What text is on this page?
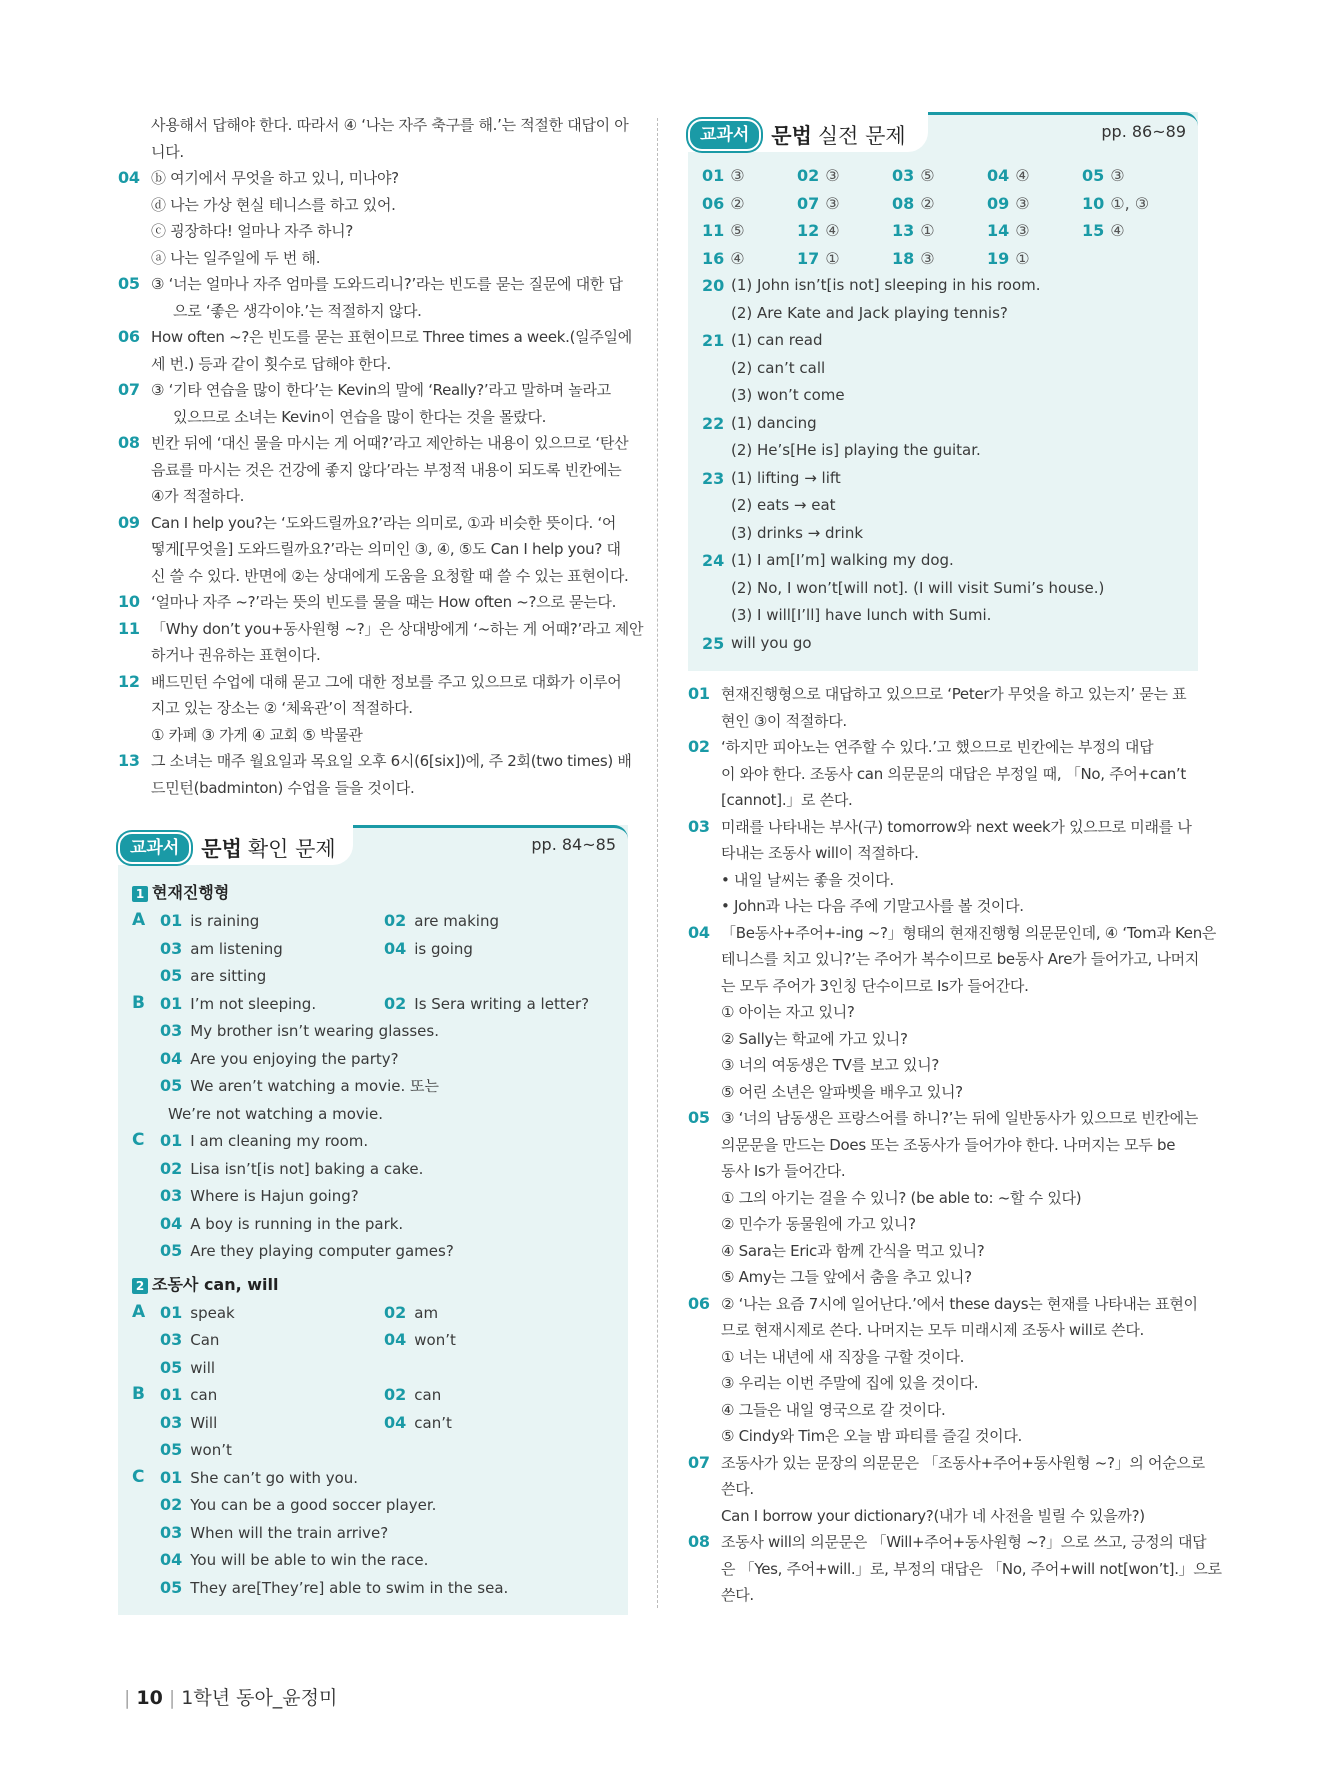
사용해서 답해야 한다. 따라서 ④ ‘나는 자주 축구를 해.’는 적절한 대답이 아
니다.
04 ⓑ 여기에서 무엇을 하고 있니, 미나야?
ⓓ 나는 가상 현실 테니스를 하고 있어.
ⓒ 굉장하다! 얼마나 자주 하니?
ⓐ 나는 일주일에 두 번 해.
05 ③ ‘너는 얼마나 자주 엄마를 도와드리니?’라는 빈도를 묻는 질문에 대한 답
으로 ‘좋은 생각이야.’는 적절하지 않다.
06 How often ~?은 빈도를 묻는 표현이므로 Three times a week.(일주일에
세 번.) 등과 같이 횟수로 답해야 한다.
07 ③ ‘기타 연습을 많이 한다’는 Kevin의 말에 ‘Really?’라고 말하며 놀라고
있으므로 소녀는 Kevin이 연습을 많이 한다는 것을 몰랐다.
08 빈칸 뒤에 ‘대신 물을 마시는 게 어때?’라고 제안하는 내용이 있으므로 ‘탄산
음료를 마시는 것은 건강에 좋지 않다’라는 부정적 내용이 되도록 빈칸에는
④가 적절하다.
09 Can I help you?는 ‘도와드릴까요?’라는 의미로, ①과 비슷한 뜻이다. ‘어
떻게[무엇을] 도와드릴까요?’라는 의미인 ③, ④, ⑤도 Can I help you? 대
신 쓸 수 있다. 반면에 ②는 상대에게 도움을 요청할 때 쓸 수 있는 표현이다.
10 ‘얼마나 자주 ~?’라는 뜻의 빈도를 물을 때는 How often ~?으로 묻는다.
11 「Why don’t you+동사원형 ~?」은 상대방에게 ‘~하는 게 어때?’라고 제안
하거나 권유하는 표현이다.
12 배드민턴 수업에 대해 묻고 그에 대한 정보를 주고 있으므로 대화가 이루어
지고 있는 장소는 ② ‘체육관’이 적절하다.
① 카페 ③ 가게 ④ 교회 ⑤ 박물관
13 그 소녀는 매주 월요일과 목요일 오후 6시(6[six])에, 주 2회(two times) 배
드민턴(badminton) 수업을 들을 것이다.
교과서	문법 확인 문제	pp. 84~85
1 현재진행형
A 01 is raining	02 are making
03 am listening	04 is going
05 are sitting
B 01 I’m not sleeping.	02 Is Sera writing a letter?
03 My brother isn’t wearing glasses.
04 Are you enjoying the party?
05 We aren’t watching a movie. 또는
We’re not watching a movie.
C 01 I am cleaning my room.
02 Lisa isn’t[is not] baking a cake.
03 Where is Hajun going?
04 A boy is running in the park.
05 Are they playing computer games?
2 조동사 can, will
A 01 speak	02 am
03 Can	04 won’t
05 will
B 01 can	02 can
03 Will	04 can’t
05 won’t
C 01 She can’t go with you.
02 You can be a good soccer player.
03 When will the train arrive?
04 You will be able to win the race.
05 They are[They’re] able to swim in the sea.
교과서	문법 실전 문제	pp. 86~89
01 ③	02 ③	03 ⑤	04 ④	05 ③
06 ②	07 ③	08 ②	09 ③	10 ①, ③
11 ⑤	12 ④	13 ①	14 ③	15 ④
16 ④	17 ①	18 ③	19 ①
20 (1) John isn’t[is not] sleeping in his room.
(2) Are Kate and Jack playing tennis?
21 (1) can read
(2) can’t call
(3) won’t come
22 (1) dancing
(2) He’s[He is] playing the guitar.
23 (1) lifting → lift
(2) eats → eat
(3) drinks → drink
24 (1) I am[I’m] walking my dog.
(2) No, I won’t[will not]. (I will visit Sumi’s house.)
(3) I will[I’ll] have lunch with Sumi.
25 will you go
01 현재진행형으로 대답하고 있으므로 ‘Peter가 무엇을 하고 있는지’ 묻는 표
현인 ③이 적절하다.
02 ‘하지만 피아노는 연주할 수 있다.’고 했으므로 빈칸에는 부정의 대답
이 와야 한다. 조동사 can 의문문의 대답은 부정일 때, 「No, 주어+can’t
[cannot].」로 쓴다.
03 미래를 나타내는 부사(구) tomorrow와 next week가 있으므로 미래를 나
타내는 조동사 will이 적절하다.
• 내일 날씨는 좋을 것이다.
• John과 나는 다음 주에 기말고사를 볼 것이다.
04 「Be동사+주어+-ing ~?」형태의 현재진행형 의문문인데, ④ ‘Tom과 Ken은
테니스를 치고 있니?’는 주어가 복수이므로 be동사 Are가 들어가고, 나머지
는 모두 주어가 3인칭 단수이므로 Is가 들어간다.
① 아이는 자고 있니?
② Sally는 학교에 가고 있니?
③ 너의 여동생은 TV를 보고 있니?
⑤ 어린 소년은 알파벳을 배우고 있니?
05 ③ ‘너의 남동생은 프랑스어를 하니?’는 뒤에 일반동사가 있으므로 빈칸에는
의문문을 만드는 Does 또는 조동사가 들어가야 한다. 나머지는 모두 be
동사 Is가 들어간다.
① 그의 아기는 걸을 수 있니? (be able to: ~할 수 있다)
② 민수가 동물원에 가고 있니?
④ Sara는 Eric과 함께 간식을 먹고 있니?
⑤ Amy는 그들 앞에서 춤을 추고 있니?
06 ② ‘나는 요즘 7시에 일어난다.’에서 these days는 현재를 나타내는 표현이
므로 현재시제로 쓴다. 나머지는 모두 미래시제 조동사 will로 쓴다.
① 너는 내년에 새 직장을 구할 것이다.
③ 우리는 이번 주말에 집에 있을 것이다.
④ 그들은 내일 영국으로 갈 것이다.
⑤ Cindy와 Tim은 오늘 밤 파티를 즐길 것이다.
07 조동사가 있는 문장의 의문문은 「조동사+주어+동사원형 ~?」의 어순으로
쓴다.
Can I borrow your dictionary?(내가 네 사전을 빌릴 수 있을까?)
08 조동사 will의 의문문은 「Will+주어+동사원형 ~?」으로 쓰고, 긍정의 대답
은 「Yes, 주어+will.」로, 부정의 대답은 「No, 주어+will not[won’t].」으로
쓴다.
| 10 | 1학년 동아_윤정미
